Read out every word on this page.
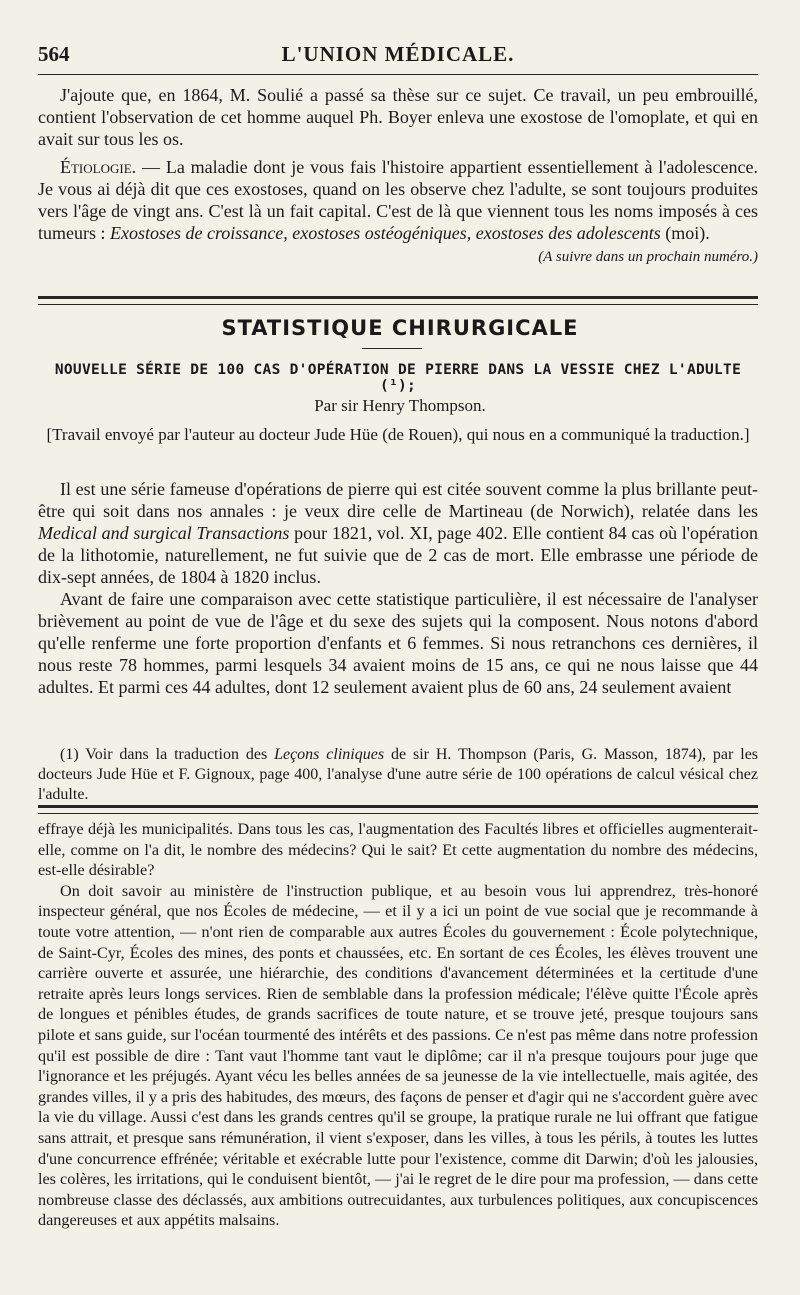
564	L'UNION MÉDICALE.

J'ajoute que, en 1864, M. Soulié a passé sa thèse sur ce sujet. Ce travail, un peu embrouillé, contient l'observation de cet homme auquel Ph. Boyer enleva une exostose de l'omoplate, et qui en avait sur tous les os.

Étiologie. — La maladie dont je vous fais l'histoire appartient essentiellement à l'adolescence. Je vous ai déjà dit que ces exostoses, quand on les observe chez l'adulte, se sont toujours produites vers l'âge de vingt ans. C'est là un fait capital. C'est de là que viennent tous les noms imposés à ces tumeurs : Exostoses de croissance, exostoses ostéogéniques, exostoses des adolescents (moi).

(A suivre dans un prochain numéro.)

STATISTIQUE CHIRURGICALE
NOUVELLE SÉRIE DE 100 CAS D'OPÉRATION DE PIERRE DANS LA VESSIE CHEZ L'ADULTE (¹);
Par sir Henry Thompson.
[Travail envoyé par l'auteur au docteur Jude Hüe (de Rouen), qui nous en a communiqué la traduction.]

Il est une série fameuse d'opérations de pierre qui est citée souvent comme la plus brillante peut-être qui soit dans nos annales : je veux dire celle de Martineau (de Norwich), relatée dans les Medical and surgical Transactions pour 1821, vol. XI, page 402. Elle contient 84 cas où l'opération de la lithotomie, naturellement, ne fut suivie que de 2 cas de mort. Elle embrasse une période de dix-sept années, de 1804 à 1820 inclus.

Avant de faire une comparaison avec cette statistique particulière, il est nécessaire de l'analyser brièvement au point de vue de l'âge et du sexe des sujets qui la composent. Nous notons d'abord qu'elle renferme une forte proportion d'enfants et 6 femmes. Si nous retranchons ces dernières, il nous reste 78 hommes, parmi lesquels 34 avaient moins de 15 ans, ce qui ne nous laisse que 44 adultes. Et parmi ces 44 adultes, dont 12 seulement avaient plus de 60 ans, 24 seulement avaient

(1) Voir dans la traduction des Leçons cliniques de sir H. Thompson (Paris, G. Masson, 1874), par les docteurs Jude Hüe et F. Gignoux, page 400, l'analyse d'une autre série de 100 opérations de calcul vésical chez l'adulte.

effraye déjà les municipalités. Dans tous les cas, l'augmentation des Facultés libres et officielles augmenterait-elle, comme on l'a dit, le nombre des médecins? Qui le sait? Et cette augmentation du nombre des médecins, est-elle désirable?

On doit savoir au ministère de l'instruction publique, et au besoin vous lui apprendrez, très-honoré inspecteur général, que nos Écoles de médecine, — et il y a ici un point de vue social que je recommande à toute votre attention, — n'ont rien de comparable aux autres Écoles du gouvernement : École polytechnique, de Saint-Cyr, Écoles des mines, des ponts et chaussées, etc. En sortant de ces Écoles, les élèves trouvent une carrière ouverte et assurée, une hiérarchie, des conditions d'avancement déterminées et la certitude d'une retraite après leurs longs services. Rien de semblable dans la profession médicale; l'élève quitte l'École après de longues et pénibles études, de grands sacrifices de toute nature, et se trouve jeté, presque toujours sans pilote et sans guide, sur l'océan tourmenté des intérêts et des passions. Ce n'est pas même dans notre profession qu'il est possible de dire : Tant vaut l'homme tant vaut le diplôme; car il n'a presque toujours pour juge que l'ignorance et les préjugés. Ayant vécu les belles années de sa jeunesse de la vie intellectuelle, mais agitée, des grandes villes, il y a pris des habitudes, des mœurs, des façons de penser et d'agir qui ne s'accordent guère avec la vie du village. Aussi c'est dans les grands centres qu'il se groupe, la pratique rurale ne lui offrant que fatigue sans attrait, et presque sans rémunération, il vient s'exposer, dans les villes, à tous les périls, à toutes les luttes d'une concurrence effrénée; véritable et exécrable lutte pour l'existence, comme dit Darwin; d'où les jalousies, les colères, les irritations, qui le conduisent bientôt, — j'ai le regret de le dire pour ma profession, — dans cette nombreuse classe des déclassés, aux ambitions outrecuidantes, aux turbulences politiques, aux concupiscences dangereuses et aux appétits malsains.
